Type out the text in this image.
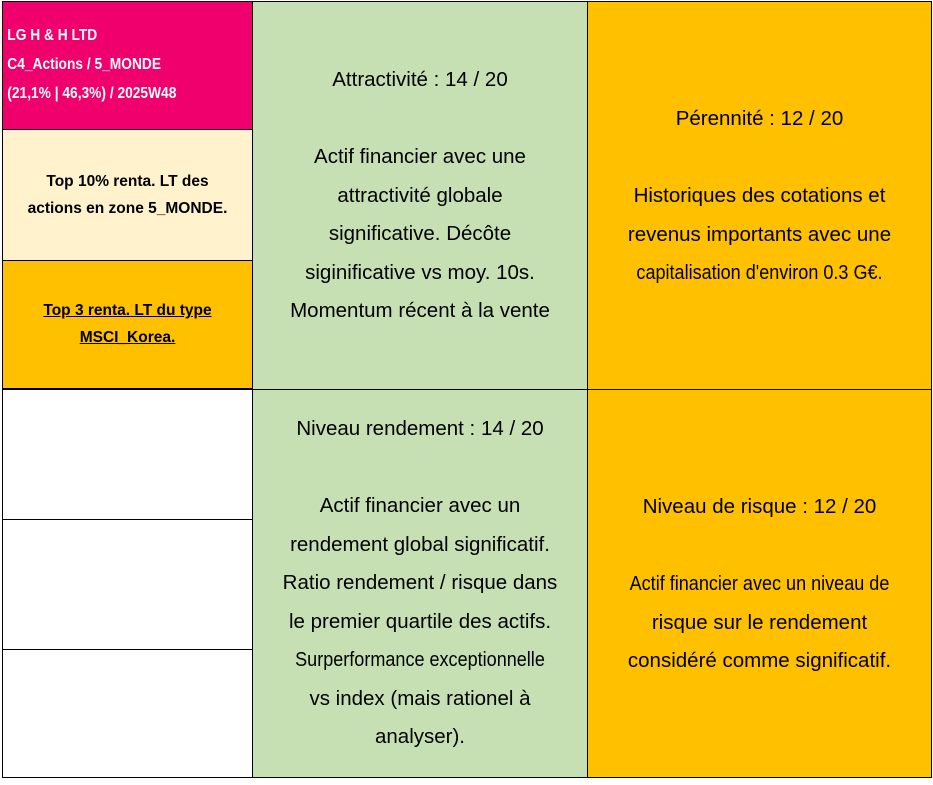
LG H & H LTD
C4_Actions / 5_MONDE
(21,1% | 46,3%) / 2025W48
Top 10% renta. LT des
actions en zone 5_MONDE.
Top 3 renta. LT du type
MSCI_Korea.
Attractivité : 14 / 20

Actif financier avec une
attractivité globale
significative. Décôte
siginificative vs moy. 10s.
Momentum récent à la vente
Pérennité : 12 / 20

Historiques des cotations et
revenus importants avec une
capitalisation d'environ 0.3 G€.
Niveau rendement : 14 / 20

Actif financier avec un
rendement global significatif.
Ratio rendement / risque dans
le premier quartile des actifs.
Surperformance exceptionnelle
vs index (mais rationel à
analyser).
Niveau de risque : 12 / 20

Actif financier avec un niveau de
risque sur le rendement
considéré comme significatif.
